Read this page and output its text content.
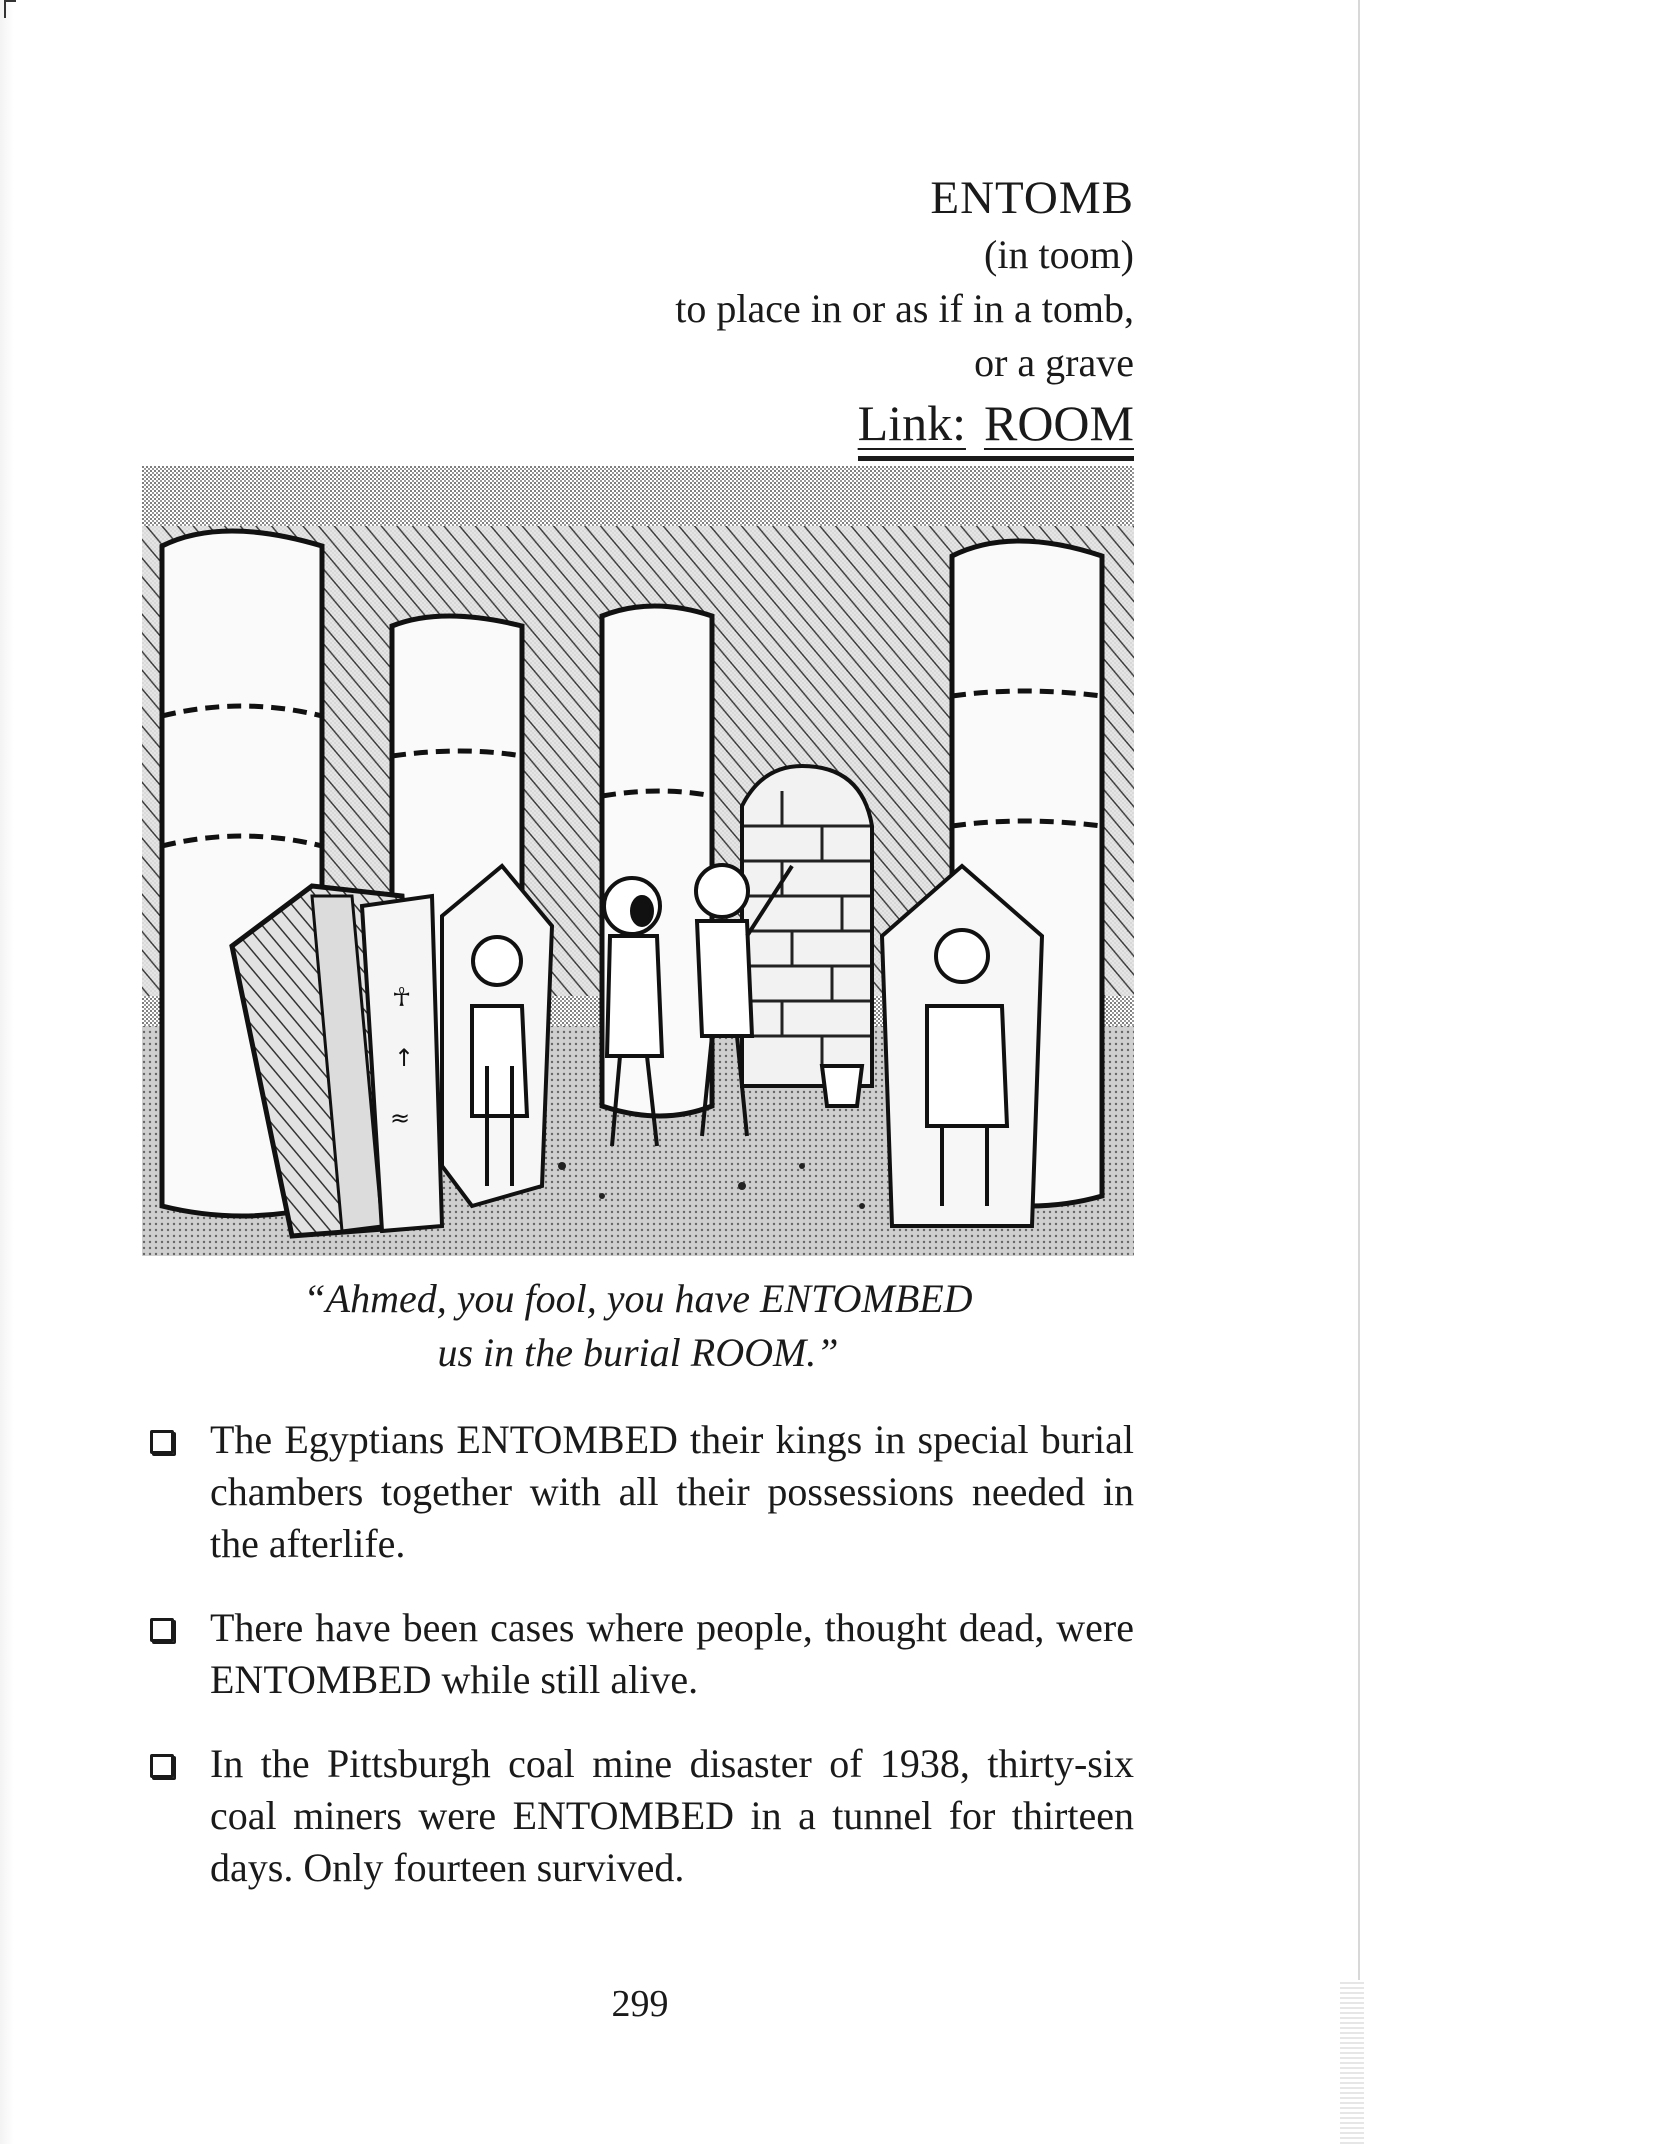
ENTOMB
(in toom)
to place in or as if in a tomb,
or a grave
Link: ROOM
☥
↑
≈
“Ahmed, you fool, you have ENTOMBED
us in the burial ROOM.”
The Egyptians ENTOMBED their kings in special burial chambers together with all their possessions needed in the afterlife.
There have been cases where people, thought dead, were ENTOMBED while still alive.
In the Pittsburgh coal mine disaster of 1938, thirty-six coal miners were ENTOMBED in a tunnel for thirteen days. Only fourteen survived.
299
